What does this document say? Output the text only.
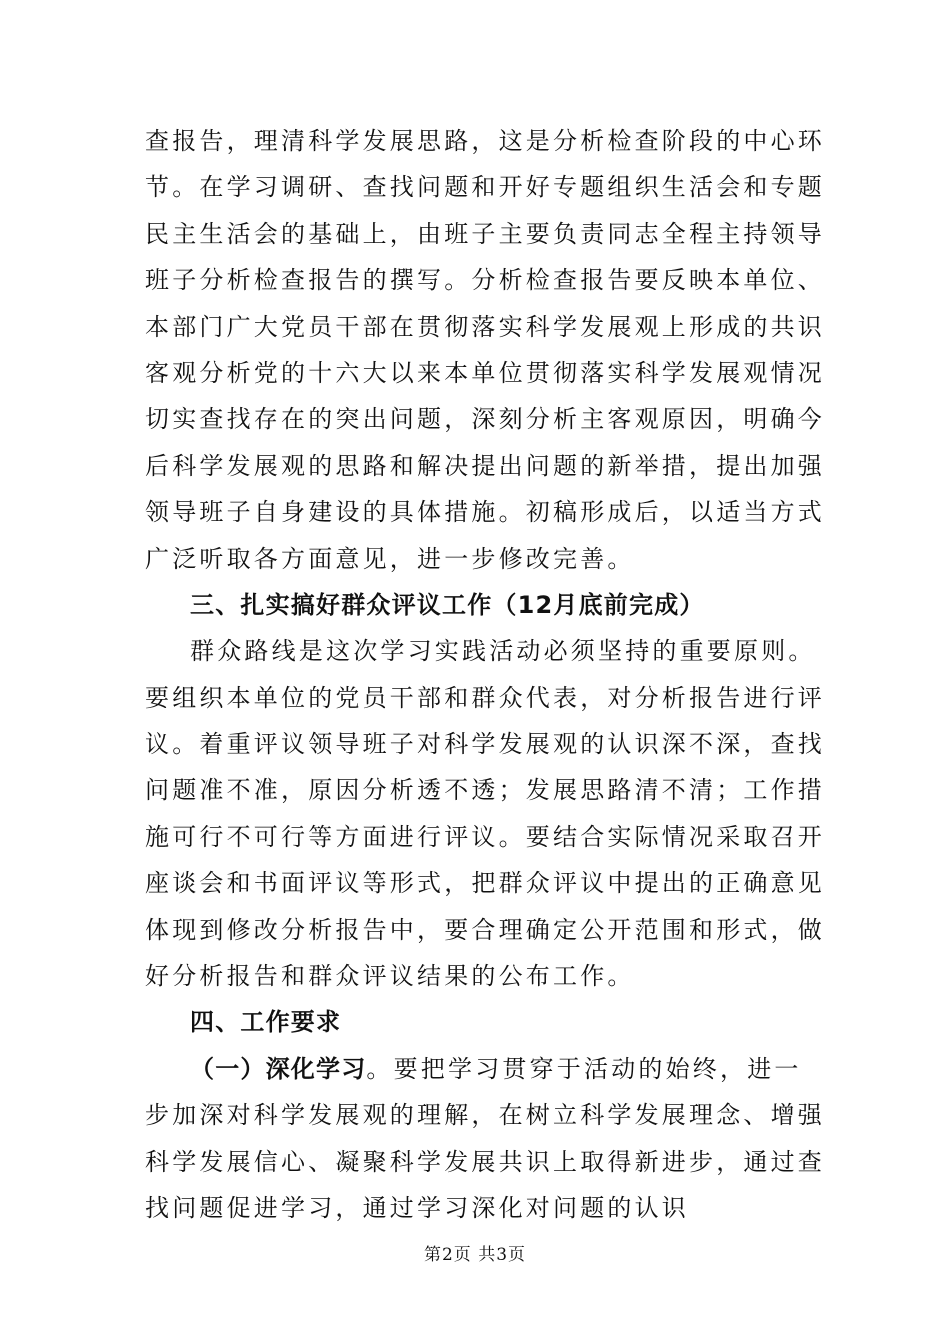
查报告，理清科学发展思路，这是分析检查阶段的中心环
节。在学习调研、查找问题和开好专题组织生活会和专题
民主生活会的基础上，由班子主要负责同志全程主持领导
班子分析检查报告的撰写。分析检查报告要反映本单位、
本部门广大党员干部在贯彻落实科学发展观上形成的共识
客观分析党的十六大以来本单位贯彻落实科学发展观情况
切实查找存在的突出问题，深刻分析主客观原因，明确今
后科学发展观的思路和解决提出问题的新举措，提出加强
领导班子自身建设的具体措施。初稿形成后，以适当方式
广泛听取各方面意见，进一步修改完善。
三、扎实搞好群众评议工作（12月底前完成）
群众路线是这次学习实践活动必须坚持的重要原则。
要组织本单位的党员干部和群众代表，对分析报告进行评
议。着重评议领导班子对科学发展观的认识深不深，查找
问题准不准，原因分析透不透；发展思路清不清；工作措
施可行不可行等方面进行评议。要结合实际情况采取召开
座谈会和书面评议等形式，把群众评议中提出的正确意见
体现到修改分析报告中，要合理确定公开范围和形式，做
好分析报告和群众评议结果的公布工作。
四、工作要求
（一）深化学习。要把学习贯穿于活动的始终，进一
步加深对科学发展观的理解，在树立科学发展理念、增强
科学发展信心、凝聚科学发展共识上取得新进步，通过查
找问题促进学习，通过学习深化对问题的认识
第2页 共3页
